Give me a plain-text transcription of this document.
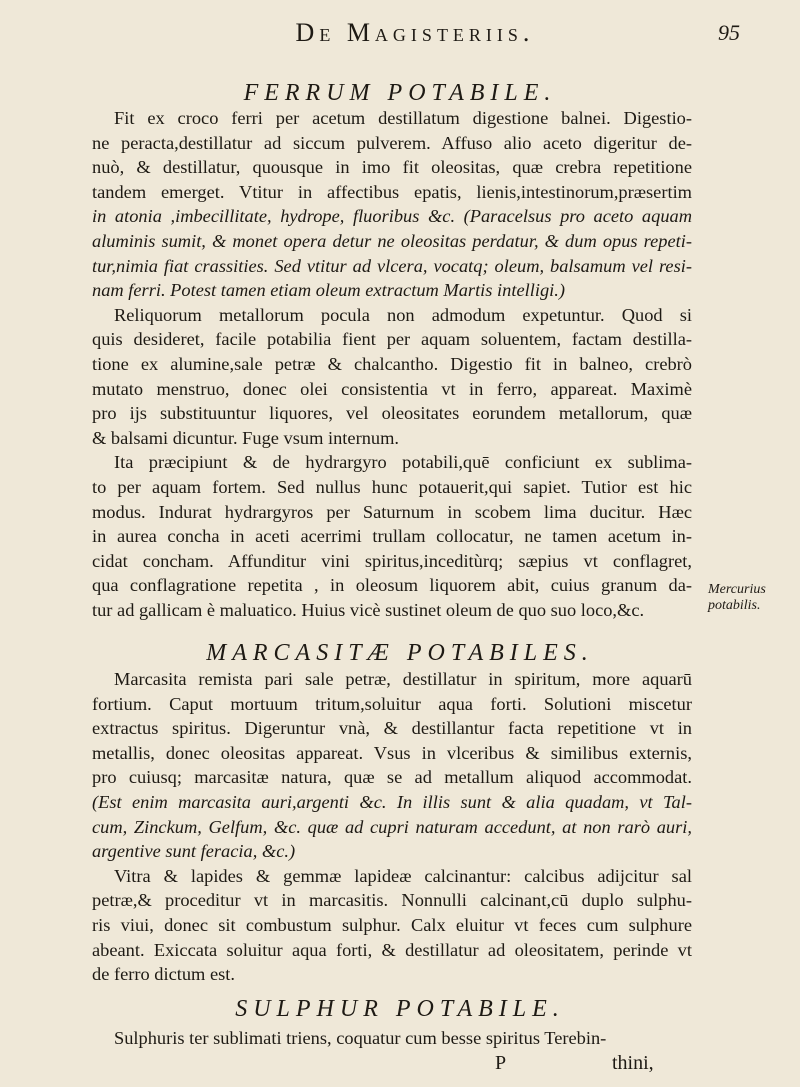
De Magisteriis.	95
FERRUM POTABILE.
Fit ex croco ferri per acetum destillatum digestione balnei. Digestio-
ne peracta,destillatur ad siccum pulverem. Affuso alio aceto digeritur de-
nuò, & destillatur, quousque in imo fit oleositas, quæ crebra repetitione
tandem emerget. Vtitur in affectibus epatis, lienis,intestinorum,præsertim
in atonia ,imbecillitate, hydrope, fluoribus &c. (Paracelsus pro aceto aquam
aluminis sumit, & monet opera detur ne oleositas perdatur, & dum opus repeti-
tur,nimia fiat crassities. Sed vtitur ad vlcera, vocatq; oleum, balsamum vel resi-
nam ferri. Potest tamen etiam oleum extractum Martis intelligi.)
Reliquorum metallorum pocula non admodum expetuntur. Quod si
quis desideret, facile potabilia fient per aquam soluentem, factam destilla-
tione ex alumine,sale petræ & chalcantho. Digestio fit in balneo, crebrò
mutato menstruo, donec olei consistentia vt in ferro, appareat. Maximè
pro ijs substituuntur liquores, vel oleositates eorundem metallorum, quæ
& balsami dicuntur. Fuge vsum internum.
Ita præcipiunt & de hydrargyro potabili,quē conficiunt ex sublima-
to per aquam fortem. Sed nullus hunc potauerit,qui sapiet. Tutior est hic
modus. Indurat hydrargyros per Saturnum in scobem lima ducitur. Hæc
in aurea concha in aceti acerrimi trullam collocatur, ne tamen acetum in-
cidat concham. Affunditur vini spiritus,inceditùrq; sæpius vt conflagret,
qua conflagratione repetita , in oleosum liquorem abit, cuius granum da-
tur ad gallicam è maluatico. Huius vicè sustinet oleum de quo suo loco,&c.
Mercurius potabilis.
MARCASITÆ POTABILES.
Marcasita remista pari sale petræ, destillatur in spiritum, more aquarū
fortium. Caput mortuum tritum,soluitur aqua forti. Solutioni miscetur
extractus spiritus. Digeruntur vnà, & destillantur facta repetitione vt in
metallis, donec oleositas appareat. Vsus in vlceribus & similibus externis,
pro cuiusq; marcasitæ natura, quæ se ad metallum aliquod accommodat.
(Est enim marcasita auri,argenti &c. In illis sunt & alia quadam, vt Tal-
cum, Zinckum, Gelfum, &c. quæ ad cupri naturam accedunt, at non rarò auri,
argentive sunt feracia, &c.)
Vitra & lapides & gemmæ lapideæ calcinantur: calcibus adijcitur sal
petræ,& proceditur vt in marcasitis. Nonnulli calcinant,cū duplo sulphu-
ris viui, donec sit combustum sulphur. Calx eluitur vt feces cum sulphure
abeant. Exiccata soluitur aqua forti, & destillatur ad oleositatem, perinde vt
de ferro dictum est.
SULPHUR POTABILE.
Sulphuris ter sublimati triens, coquatur cum besse spiritus Terebin-
P	thini,
